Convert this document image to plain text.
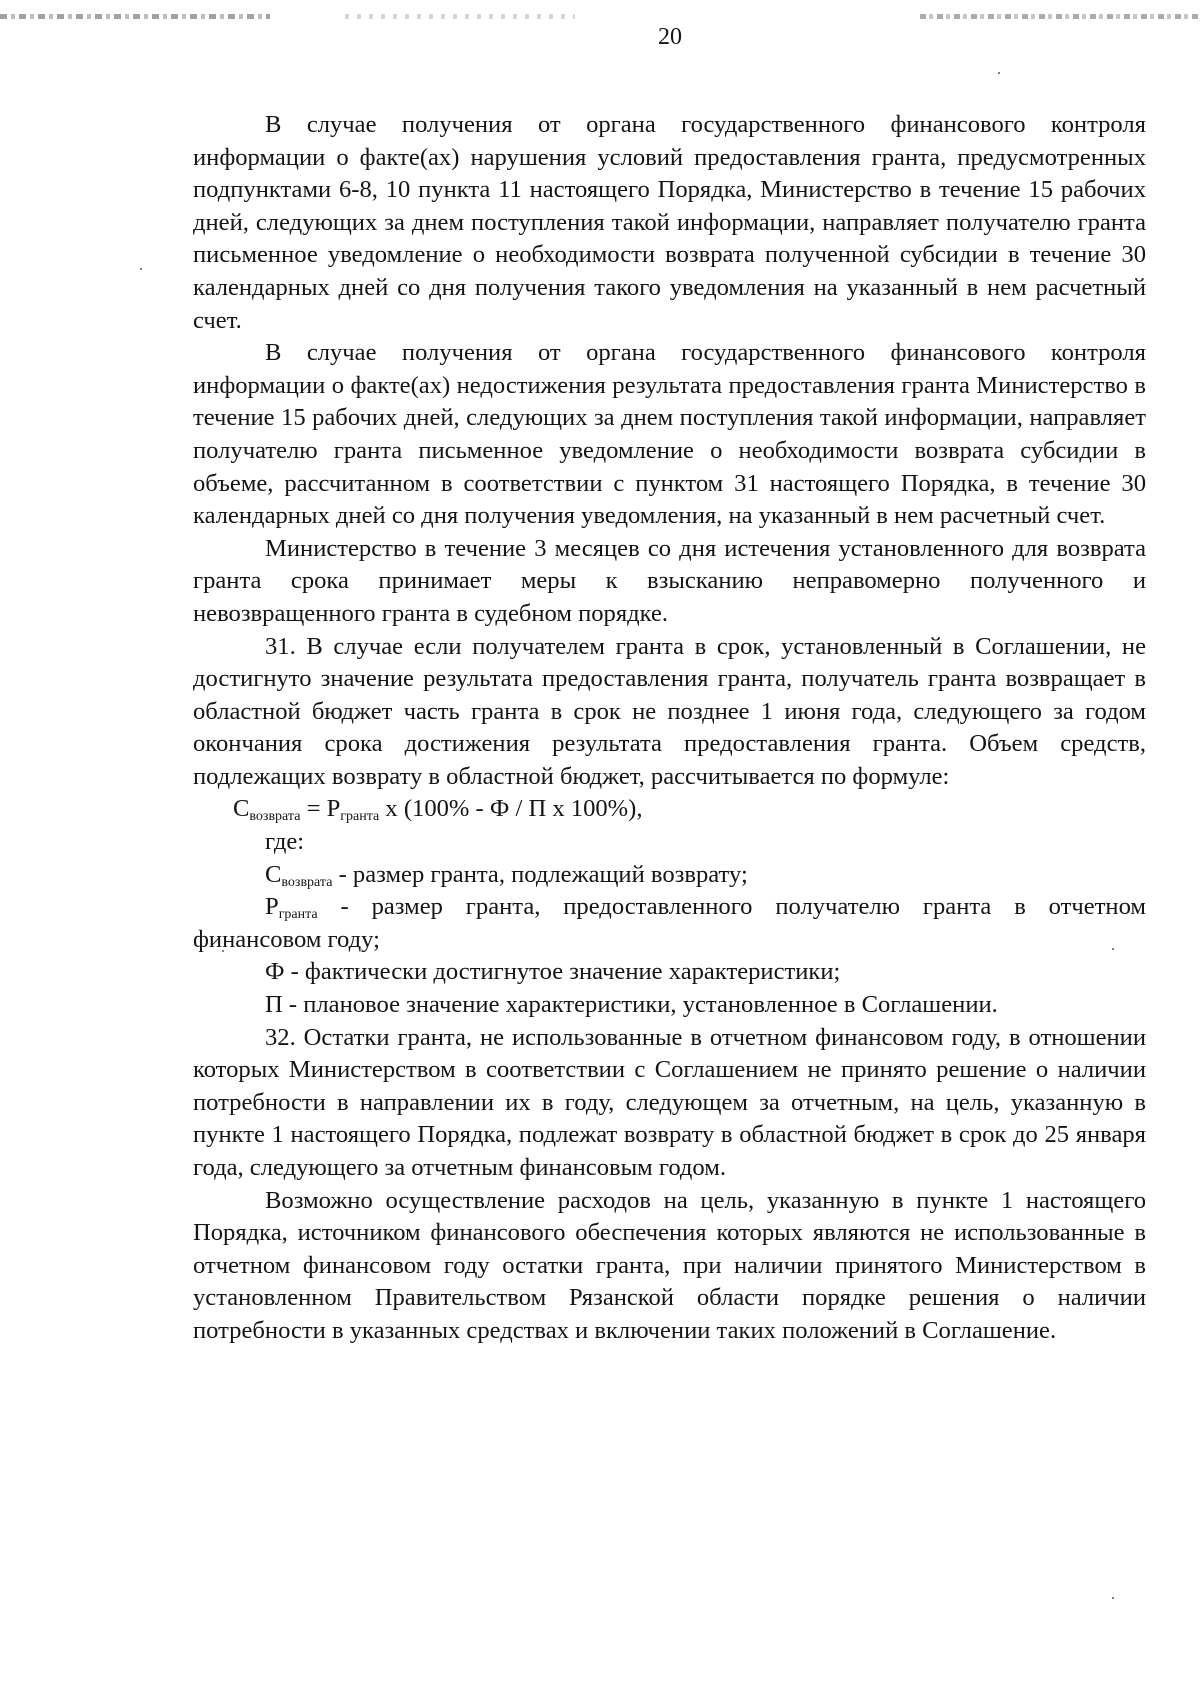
20

В случае получения от органа государственного финансового контроля информации о факте(ах) нарушения условий предоставления гранта, предусмотренных подпунктами 6-8, 10 пункта 11 настоящего Порядка, Министерство в течение 15 рабочих дней, следующих за днем поступления такой информации, направляет получателю гранта письменное уведомление о необходимости возврата полученной субсидии в течение 30 календарных дней со дня получения такого уведомления на указанный в нем расчетный счет.

В случае получения от органа государственного финансового контроля информации о факте(ах) недостижения результата предоставления гранта Министерство в течение 15 рабочих дней, следующих за днем поступления такой информации, направляет получателю гранта письменное уведомление о необходимости возврата субсидии в объеме, рассчитанном в соответствии с пунктом 31 настоящего Порядка, в течение 30 календарных дней со дня получения уведомления, на указанный в нем расчетный счет.

Министерство в течение 3 месяцев со дня истечения установленного для возврата гранта срока принимает меры к взысканию неправомерно полученного и невозвращенного гранта в судебном порядке.

31. В случае если получателем гранта в срок, установленный в Соглашении, не достигнуто значение результата предоставления гранта, получатель гранта возвращает в областной бюджет часть гранта в срок не позднее 1 июня года, следующего за годом окончания срока достижения результата предоставления гранта. Объем средств, подлежащих возврату в областной бюджет, рассчитывается по формуле:

$С_{возврата} = Р_{гранта}$ х (100% - Ф / П х 100%),

где:

$С_{возврата}$ - размер гранта, подлежащий возврату;

$Р_{гранта}$ - размер гранта, предоставленного получателю гранта в отчетном финансовом году;

Ф - фактически достигнутое значение характеристики;

П - плановое значение характеристики, установленное в Соглашении.

32. Остатки гранта, не использованные в отчетном финансовом году, в отношении которых Министерством в соответствии с Соглашением не принято решение о наличии потребности в направлении их в году, следующем за отчетным, на цель, указанную в пункте 1 настоящего Порядка, подлежат возврату в областной бюджет в срок до 25 января года, следующего за отчетным финансовым годом.

Возможно осуществление расходов на цель, указанную в пункте 1 настоящего Порядка, источником финансового обеспечения которых являются не использованные в отчетном финансовом году остатки гранта, при наличии принятого Министерством в установленном Правительством Рязанской области порядке решения о наличии потребности в указанных средствах и включении таких положений в Соглашение.
